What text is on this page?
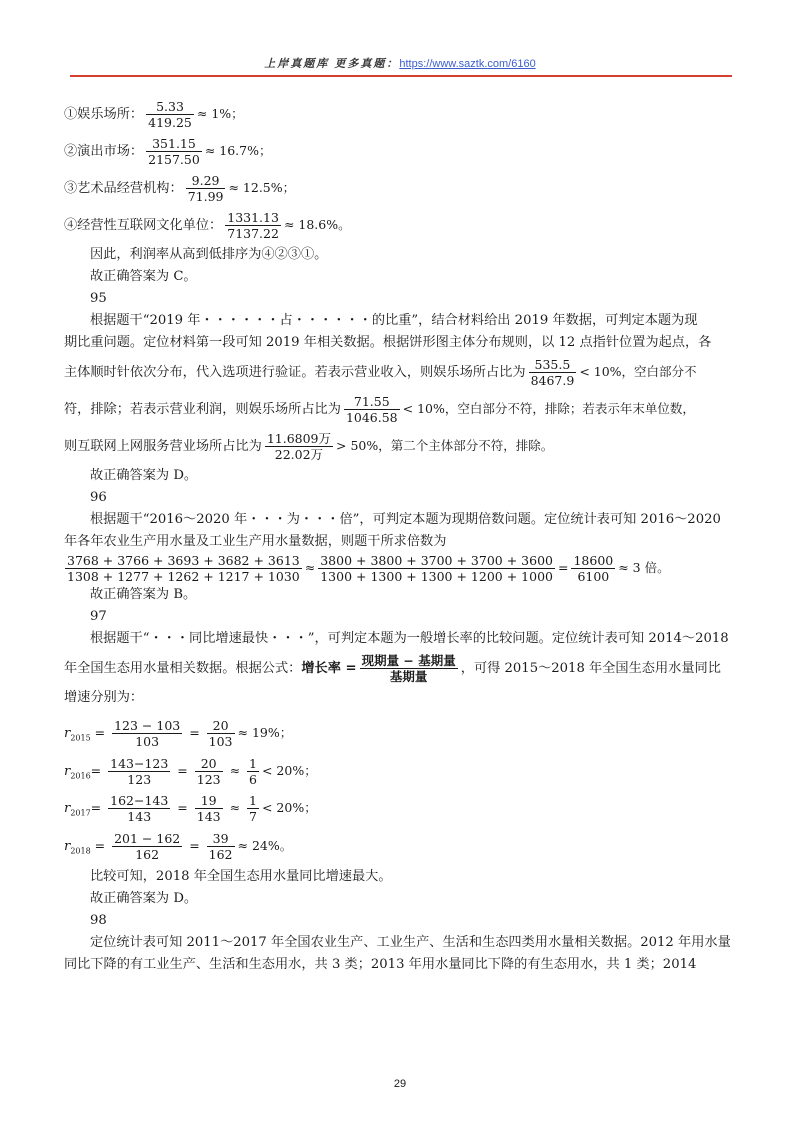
上岸真题库 更多真题：https://www.saztk.com/6160
①娱乐场所： $\frac{5.33}{419.25} \approx 1\%$；
②演出市场： $\frac{351.15}{2157.50} \approx 16.7\%$；
③艺术品经营机构： $\frac{9.29}{71.99} \approx 12.5\%$；
④经营性互联网文化单位： $\frac{1331.13}{7137.22} \approx 18.6\%$。
因此，利润率从高到低排序为④②③①。
故正确答案为 C。
95
根据题干“2019 年・・・・・・占・・・・・・的比重”，结合材料给出 2019 年数据，可判定本题为现
期比重问题。定位材料第一段可知 2019 年相关数据。根据饼形图主体分布规则，以 12 点指针位置为起点，各
主体顺时针依次分布，代入选项进行验证。若表示营业收入，则娱乐场所占比为 $\frac{535.5}{8467.9} < 10\%$，空白部分不
符，排除；若表示营业利润，则娱乐场所占比为 $\frac{71.55}{1046.58} < 10\%$，空白部分不符，排除；若表示年末单位数，
则互联网上网服务营业场所占比为 $\frac{\text{11.6809万}}{\text{22.02万}} > 50\%$，第二个主体部分不符，排除。
故正确答案为 D。
96
根据题干“2016～2020 年・・・为・・・倍”，可判定本题为现期倍数问题。定位统计表可知 2016～2020
年各年农业生产用水量及工业生产用水量数据，则题干所求倍数为
$\frac{3768 + 3766 + 3693 + 3682 + 3613}{1308 + 1277 + 1262 + 1217 + 1030} \approx \frac{3800 + 3800 + 3700 + 3700 + 3600}{1300 + 1300 + 1300 + 1200 + 1000} = \frac{18600}{6100} \approx 3$ 倍。
故正确答案为 B。
97
根据题干“・・・同比增速最快・・・”，可判定本题为一般增长率的比较问题。定位统计表可知 2014～2018
年全国生态用水量相关数据。根据公式：增长率 = $\frac{\text{现期量 − 基期量}}{\text{基期量}}$ ，可得 2015～2018 年全国生态用水量同比
增速分别为：
$r_{2015} = \frac{123 - 103}{103} = \frac{20}{103} \approx 19\%$；
$r_{2016}= \frac{143-123}{123} = \frac{20}{123} \approx \frac{1}{6} < 20\%$；
$r_{2017}= \frac{162-143}{143} = \frac{19}{143} \approx \frac{1}{7} < 20\%$；
$r_{2018} = \frac{201 - 162}{162} = \frac{39}{162} \approx 24\%$。
比较可知，2018 年全国生态用水量同比增速最大。
故正确答案为 D。
98
定位统计表可知 2011～2017 年全国农业生产、工业生产、生活和生态四类用水量相关数据。2012 年用水量
同比下降的有工业生产、生活和生态用水，共 3 类；2013 年用水量同比下降的有生态用水，共 1 类；2014
29
